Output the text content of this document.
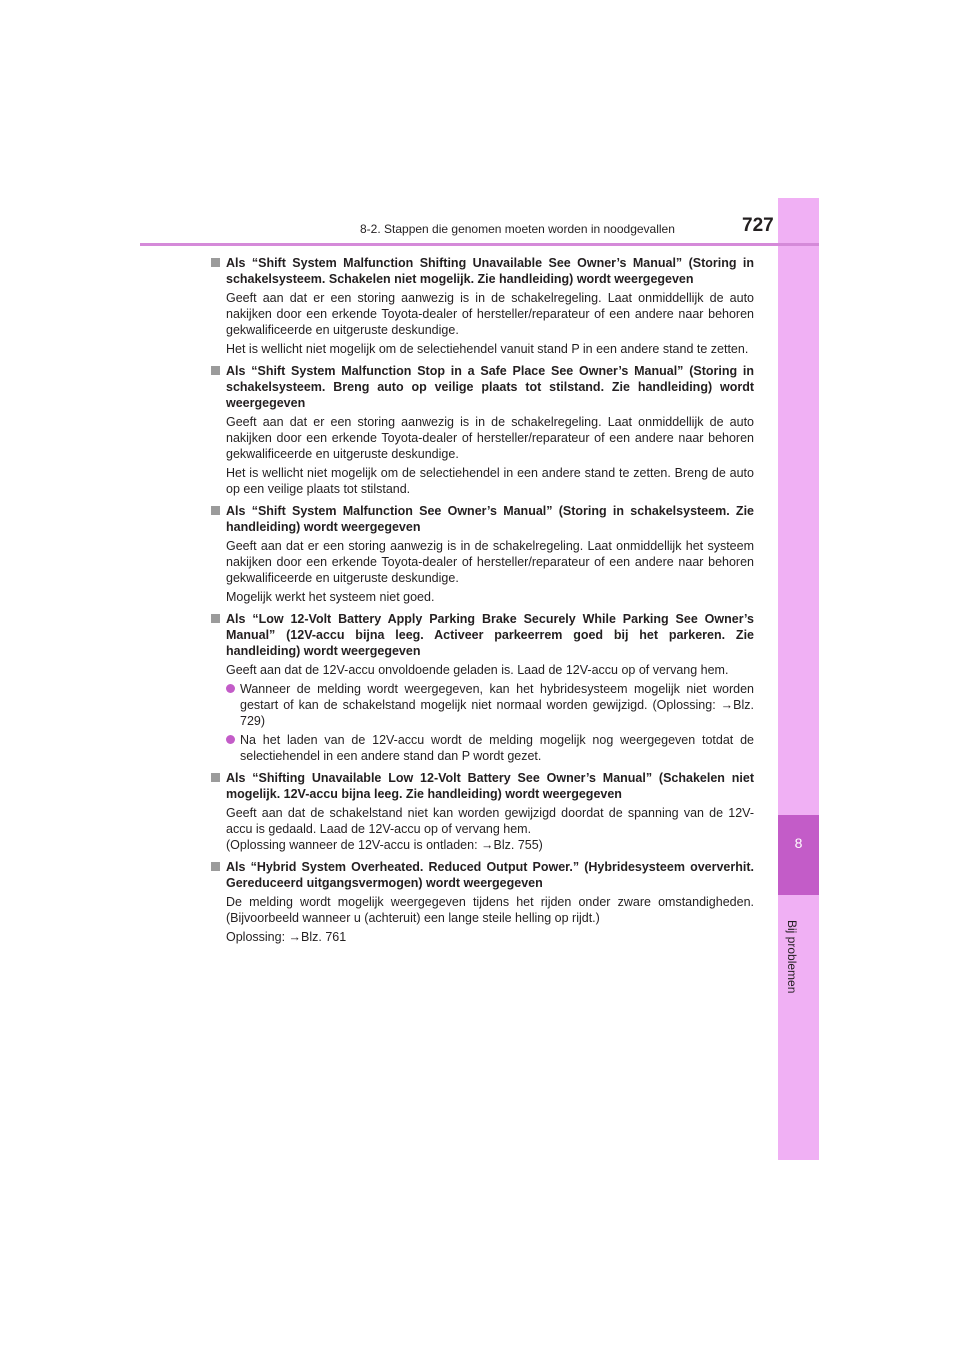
8
Bij problemen
8-2. Stappen die genomen moeten worden in noodgevallen	727
Als “Shift System Malfunction Shifting Unavailable See Owner’s Manual” (Storing in schakelsysteem. Schakelen niet mogelijk. Zie handleiding) wordt weergegeven
Geeft aan dat er een storing aanwezig is in de schakelregeling. Laat onmiddellijk de auto nakijken door een erkende Toyota-dealer of hersteller/reparateur of een andere naar behoren gekwalificeerde en uitgeruste deskundige.
Het is wellicht niet mogelijk om de selectiehendel vanuit stand P in een andere stand te zetten.
Als “Shift System Malfunction Stop in a Safe Place See Owner’s Manual” (Storing in schakelsysteem. Breng auto op veilige plaats tot stilstand. Zie handleiding) wordt weergegeven
Geeft aan dat er een storing aanwezig is in de schakelregeling. Laat onmiddellijk de auto nakijken door een erkende Toyota-dealer of hersteller/reparateur of een andere naar behoren gekwalificeerde en uitgeruste deskundige.
Het is wellicht niet mogelijk om de selectiehendel in een andere stand te zetten. Breng de auto op een veilige plaats tot stilstand.
Als “Shift System Malfunction See Owner’s Manual” (Storing in schakelsysteem. Zie handleiding) wordt weergegeven
Geeft aan dat er een storing aanwezig is in de schakelregeling. Laat onmiddellijk het systeem nakijken door een erkende Toyota-dealer of hersteller/reparateur of een andere naar behoren gekwalificeerde en uitgeruste deskundige.
Mogelijk werkt het systeem niet goed.
Als “Low 12-Volt Battery Apply Parking Brake Securely While Parking See Owner’s Manual” (12V-accu bijna leeg. Activeer parkeerrem goed bij het parkeren. Zie handleiding) wordt weergegeven
Geeft aan dat de 12V-accu onvoldoende geladen is. Laad de 12V-accu op of vervang hem.
Wanneer de melding wordt weergegeven, kan het hybridesysteem mogelijk niet worden gestart of kan de schakelstand mogelijk niet normaal worden gewijzigd. (Oplossing: →Blz. 729)
Na het laden van de 12V-accu wordt de melding mogelijk nog weergegeven totdat de selectiehendel in een andere stand dan P wordt gezet.
Als “Shifting Unavailable Low 12-Volt Battery See Owner’s Manual” (Schakelen niet mogelijk. 12V-accu bijna leeg. Zie handleiding) wordt weergegeven
Geeft aan dat de schakelstand niet kan worden gewijzigd doordat de spanning van de 12V-accu is gedaald. Laad de 12V-accu op of vervang hem.
(Oplossing wanneer de 12V-accu is ontladen: →Blz. 755)
Als “Hybrid System Overheated. Reduced Output Power.” (Hybridesysteem oververhit. Gereduceerd uitgangsvermogen) wordt weergegeven
De melding wordt mogelijk weergegeven tijdens het rijden onder zware omstandigheden. (Bijvoorbeeld wanneer u (achteruit) een lange steile helling op rijdt.)
Oplossing: →Blz. 761
